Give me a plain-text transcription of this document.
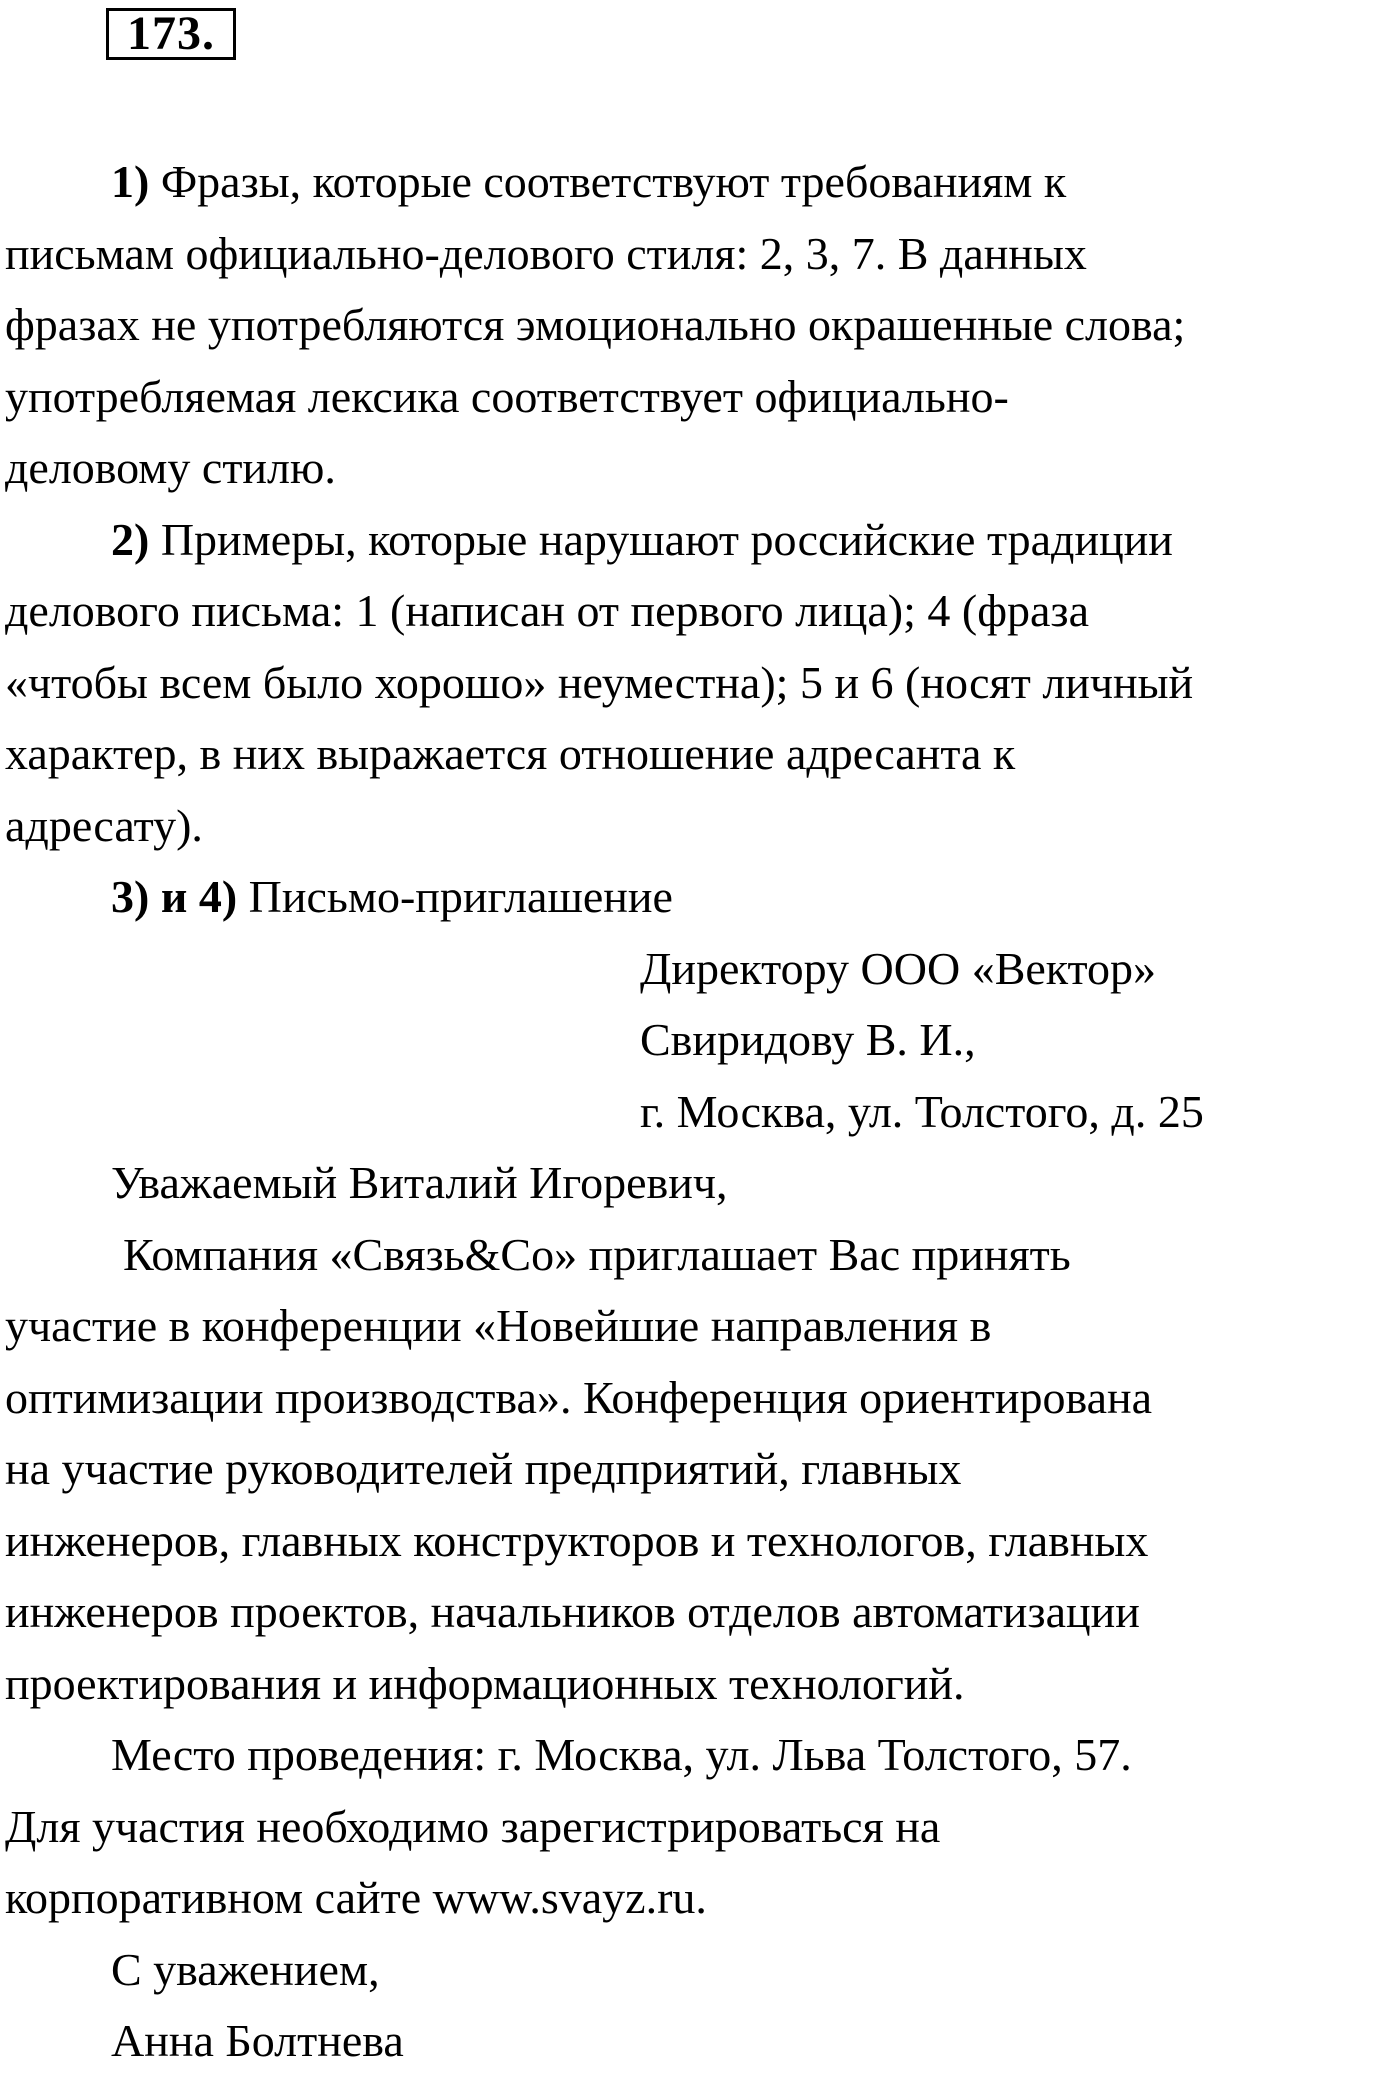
173.

1) Фразы, которые соответствуют требованиям к

письмам официально-делового стиля: 2, 3, 7. В данных

фразах не употребляются эмоционально окрашенные слова;

употребляемая лексика соответствует официально-

деловому стилю.

2) Примеры, которые нарушают российские традиции

делового письма: 1 (написан от первого лица); 4 (фраза

«чтобы всем было хорошо» неуместна); 5 и 6 (носят личный

характер, в них выражается отношение адресанта к

адресату).

3) и 4) Письмо-приглашение

Директору ООО «Вектор»

Свиридову В. И.,

г. Москва, ул. Толстого, д. 25

Уважаемый Виталий Игоревич,

Компания «Связь&Со» приглашает Вас принять

участие в конференции «Новейшие направления в

оптимизации производства». Конференция ориентирована

на участие руководителей предприятий, главных

инженеров, главных конструкторов и технологов, главных

инженеров проектов, начальников отделов автоматизации

проектирования и информационных технологий.

Место проведения: г. Москва, ул. Льва Толстого, 57.

Для участия необходимо зарегистрироваться на

корпоративном сайте www.svayz.ru.

С уважением,

Анна Болтнева
